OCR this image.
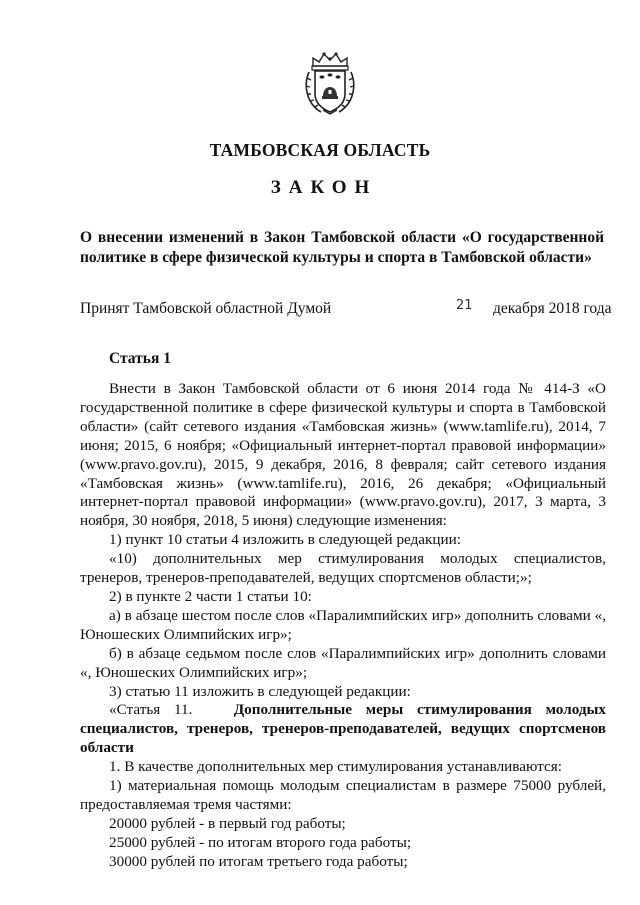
ТАМБОВСКАЯ ОБЛАСТЬ
ЗАКОН
О внесении изменений в Закон Тамбовской области «О государственной политике в сфере физической культуры и спорта в Тамбовской области»
Принят Тамбовской областной Думой	21 декабря 2018 года
Статья 1

Внести в Закон Тамбовской области от 6 июня 2014 года № 414-З «О государственной политике в сфере физической культуры и спорта в Тамбовской области» (сайт сетевого издания «Тамбовская жизнь» (www.tamlife.ru), 2014, 7 июня; 2015, 6 ноября; «Официальный интернет-портал правовой информации» (www.pravo.gov.ru), 2015, 9 декабря, 2016, 8 февраля; сайт сетевого издания «Тамбовская жизнь» (www.tamlife.ru), 2016, 26 декабря; «Официальный интернет-портал правовой информации» (www.pravo.gov.ru), 2017, 3 марта, 3 ноября, 30 ноября, 2018, 5 июня) следующие изменения:

1) пункт 10 статьи 4 изложить в следующей редакции:

«10) дополнительных мер стимулирования молодых специалистов, тренеров, тренеров-преподавателей, ведущих спортсменов области;»;

2) в пункте 2 части 1 статьи 10:

а) в абзаце шестом после слов «Паралимпийских игр» дополнить словами «, Юношеских Олимпийских игр»;

б) в абзаце седьмом после слов «Паралимпийских игр» дополнить словами «, Юношеских Олимпийских игр»;

3) статью 11 изложить в следующей редакции:

«Статья 11.	Дополнительные меры стимулирования молодых специалистов, тренеров, тренеров-преподавателей, ведущих спортсменов области

1. В качестве дополнительных мер стимулирования устанавливаются:

1) материальная помощь молодым специалистам в размере 75000 рублей, предоставляемая тремя частями:

20000 рублей - в первый год работы;

25000 рублей - по итогам второго года работы;

30000 рублей по итогам третьего года работы;
